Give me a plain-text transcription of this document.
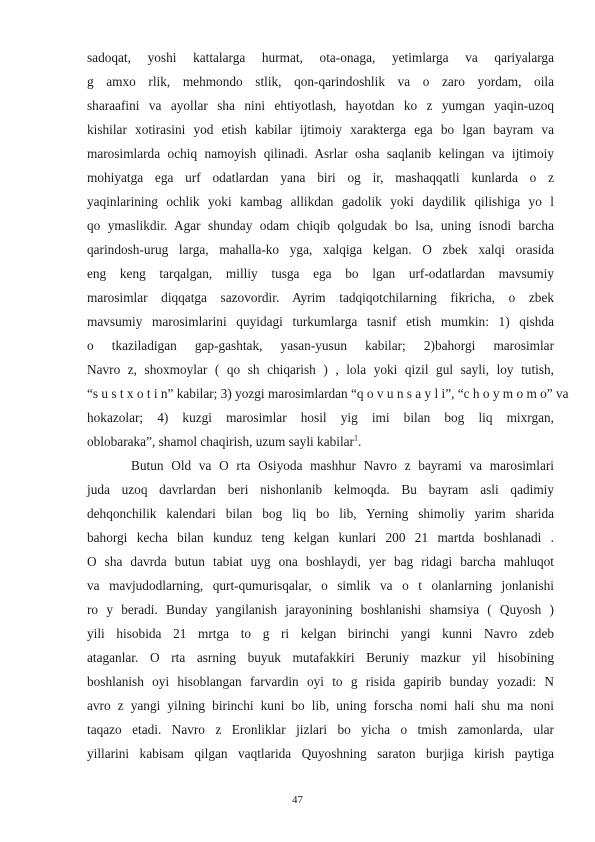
sadoqat, yoshi kattalarga hurmat, ota-onaga, yetimlarga va qariyalarga
g amxo rlik, mehmondo stlik, qon-qarindoshlik va o zaro yordam, oila
sharaafini va ayollar sha nini ehtiyotlash, hayotdan ko z yumgan yaqin-uzoq
kishilar xotirasini yod etish kabilar ijtimoiy xarakterga ega bo lgan bayram va
marosimlarda ochiq namoyish qilinadi. Asrlar osha saqlanib kelingan va ijtimoiy
mohiyatga ega urf odatlardan yana biri og ir, mashaqqatli kunlarda o z
yaqinlarining ochlik yoki kambag allikdan gadolik yoki daydilik qilishiga yo l
qo ymaslikdir. Agar shunday odam chiqib qolgudak bo lsa, uning isnodi barcha
qarindosh-urug larga, mahalla-ko yga, xalqiga kelgan. O zbek xalqi orasida
eng keng tarqalgan, milliy tusga ega bo lgan urf-odatlardan mavsumiy
marosimlar diqqatga sazovordir. Ayrim tadqiqotchilarning fikricha, o zbek
mavsumiy marosimlarini quyidagi turkumlarga tasnif etish mumkin: 1) qishda
o tkaziladigan gap-gashtak, yasan-yusun kabilar; 2)bahorgi marosimlar
Navro z, shoxmoylar ( qo sh chiqarish ) , lola yoki qizil gul sayli, loy tutish,
“s u s t x o t i n” kabilar; 3) yozgi marosimlardan “q o v u n s a y l i”, “c h o y m o m o” va
hokazolar; 4) kuzgi marosimlar hosil yig imi bilan bog liq mixrgan,
oblobaraka”, shamol chaqirish, uzum sayli kabilar$^1$.
Butun Old va O rta Osiyoda mashhur Navro z bayrami va marosimlari
juda uzoq davrlardan beri nishonlanib kelmoqda. Bu bayram asli qadimiy
dehqonchilik kalendari bilan bog liq bo lib, Yerning shimoliy yarim sharida
bahorgi kecha bilan kunduz teng kelgan kunlari 200 21 martda boshlanadi .
O sha davrda butun tabiat uyg ona boshlaydi, yer bag ridagi barcha mahluqot
va mavjudodlarning, qurt-qumurisqalar, o simlik va o t olanlarning jonlanishi
ro y beradi. Bunday yangilanish jarayonining boshlanishi shamsiya ( Quyosh )
yili hisobida 21 mrtga to g ri kelgan birinchi yangi kunni Navro zdeb
ataganlar. O rta asrning buyuk mutafakkiri Beruniy mazkur yil hisobining
boshlanish oyi hisoblangan farvardin oyi to g risida gapirib bunday yozadi: N
avro z yangi yilning birinchi kuni bo lib, uning forscha nomi hali shu ma noni
taqazo etadi. Navro z Eronliklar jizlari bo yicha o tmish zamonlarda, ular
yillarini kabisam qilgan vaqtlarida Quyoshning saraton burjiga kirish paytiga
47
